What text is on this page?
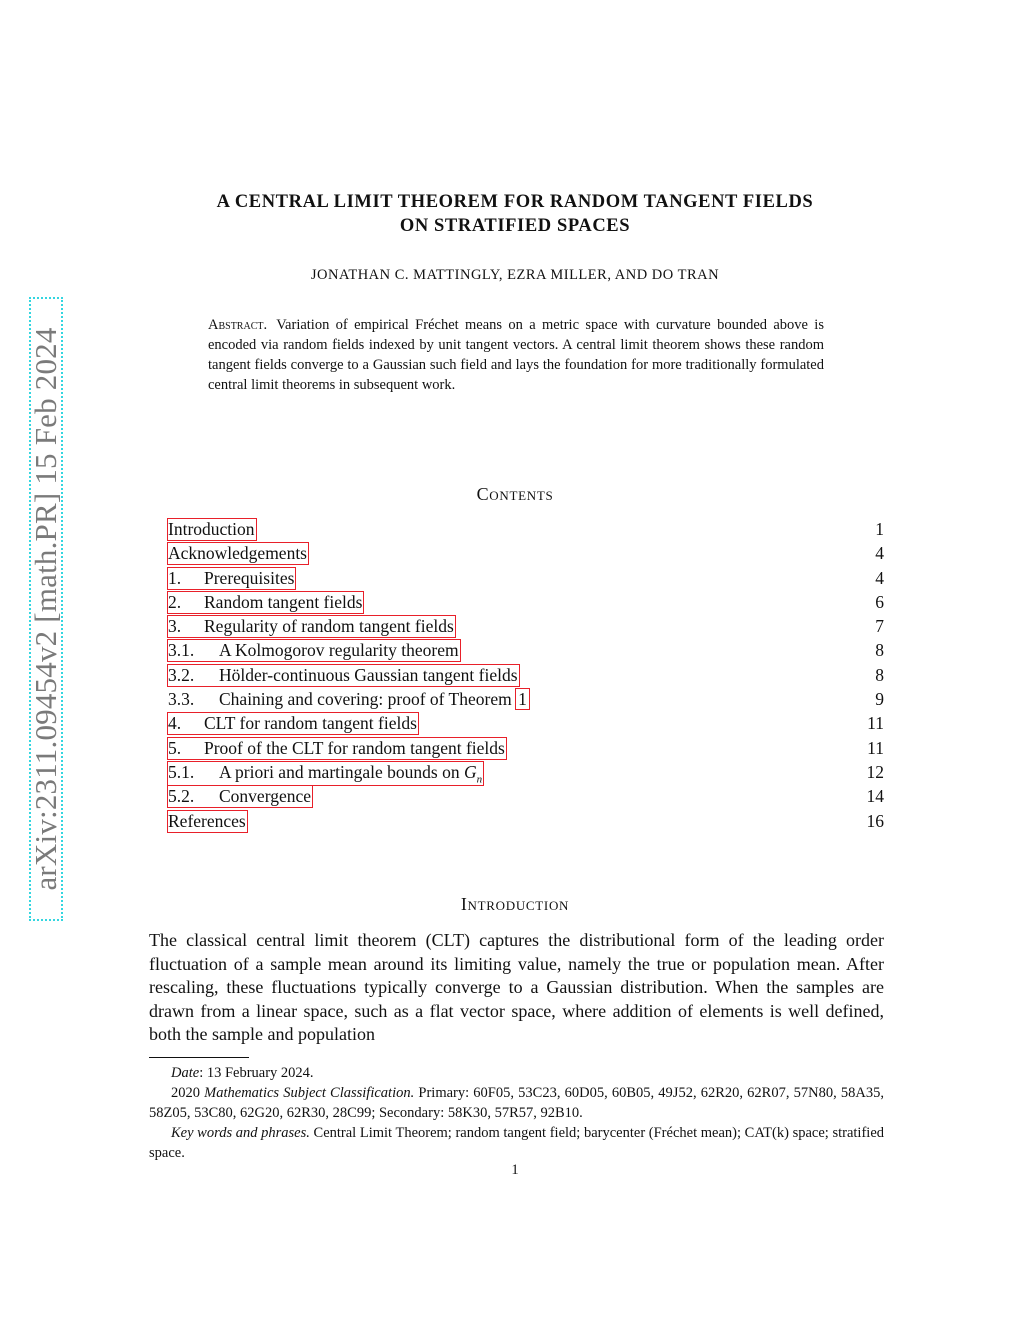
arXiv:2311.09454v2 [math.PR] 15 Feb 2024
A CENTRAL LIMIT THEOREM FOR RANDOM TANGENT FIELDS
ON STRATIFIED SPACES
JONATHAN C. MATTINGLY, EZRA MILLER, AND DO TRAN
Abstract. Variation of empirical Fréchet means on a metric space with curvature bounded above is encoded via random fields indexed by unit tangent vectors. A central limit theorem shows these random tangent fields converge to a Gaussian such field and lays the foundation for more traditionally formulated central limit theorems in subsequent work.
Contents
Introduction	1
Acknowledgements	4
1. Prerequisites	4
2. Random tangent fields	6
3. Regularity of random tangent fields	7
3.1. A Kolmogorov regularity theorem	8
3.2. Hölder-continuous Gaussian tangent fields	8
3.3. Chaining and covering: proof of Theorem 1	9
4. CLT for random tangent fields	11
5. Proof of the CLT for random tangent fields	11
5.1. A priori and martingale bounds on $G_n$	12
5.2. Convergence	14
References	16
Introduction
The classical central limit theorem (CLT) captures the distributional form of the leading order fluctuation of a sample mean around its limiting value, namely the true or population mean. After rescaling, these fluctuations typically converge to a Gaussian distribution. When the samples are drawn from a linear space, such as a flat vector space, where addition of elements is well defined, both the sample and population

Date: 13 February 2024.

2020 Mathematics Subject Classification. Primary: 60F05, 53C23, 60D05, 60B05, 49J52, 62R20, 62R07, 57N80, 58A35, 58Z05, 53C80, 62G20, 62R30, 28C99; Secondary: 58K30, 57R57, 92B10.

Key words and phrases. Central Limit Theorem; random tangent field; barycenter (Fréchet mean); CAT(k) space; stratified space.

1
